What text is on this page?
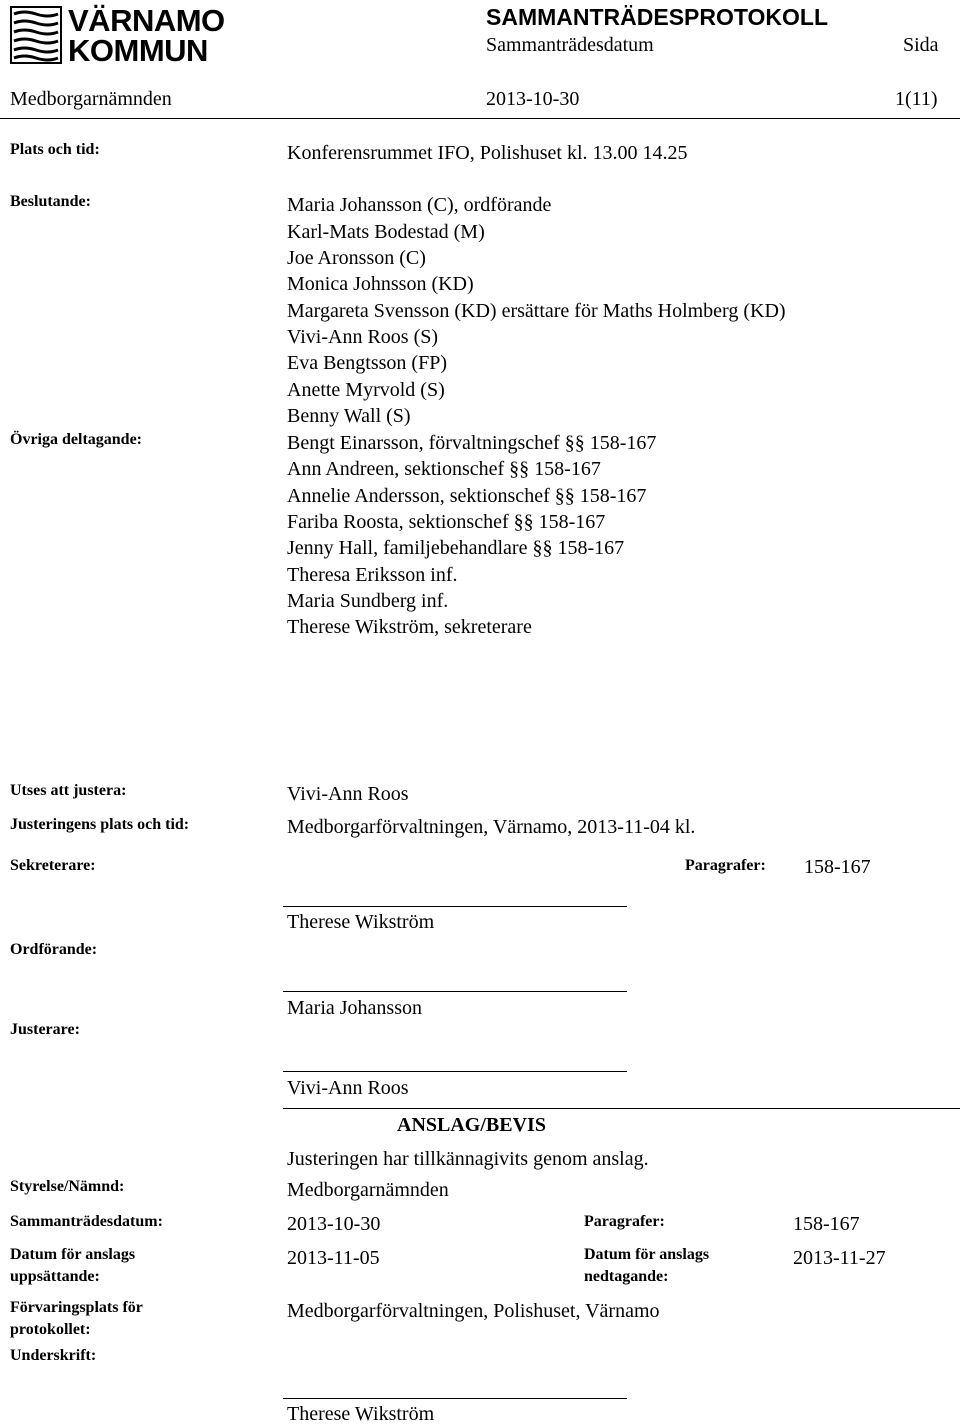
VÄRNAMO
KOMMUN
SAMMANTRÄDESPROTOKOLL
Sammanträdesdatum	Sida
Medborgarnämnden	2013-10-30	1(11)
Plats och tid:	Konferensrummet IFO, Polishuset kl. 13.00 14.25
Beslutande:	Maria Johansson (C), ordförande
Karl-Mats Bodestad (M)
Joe Aronsson (C)
Monica Johnsson (KD)
Margareta Svensson (KD) ersättare för Maths Holmberg (KD)
Vivi-Ann Roos (S)
Eva Bengtsson (FP)
Anette Myrvold (S)
Benny Wall (S)
Övriga deltagande:	Bengt Einarsson, förvaltningschef §§ 158-167
Ann Andreen, sektionschef §§ 158-167
Annelie Andersson, sektionschef §§ 158-167
Fariba Roosta, sektionschef §§ 158-167
Jenny Hall, familjebehandlare §§ 158-167
Theresa Eriksson inf.
Maria Sundberg inf.
Therese Wikström, sekreterare
Utses att justera:	Vivi-Ann Roos
Justeringens plats och tid:	Medborgarförvaltningen, Värnamo, 2013-11-04 kl.
Sekreterare:	Paragrafer: 158-167
Therese Wikström
Ordförande:
Maria Johansson
Justerare:
Vivi-Ann Roos
ANSLAG/BEVIS
Justeringen har tillkännagivits genom anslag.
Styrelse/Nämnd:	Medborgarnämnden
Sammanträdesdatum:	2013-10-30	Paragrafer:	158-167
Datum för anslags
uppsättande:
2013-11-05	Datum för anslags
nedtagande:
2013-11-27
Förvaringsplats för
protokollet:
Medborgarförvaltningen, Polishuset, Värnamo
Underskrift:
Therese Wikström
